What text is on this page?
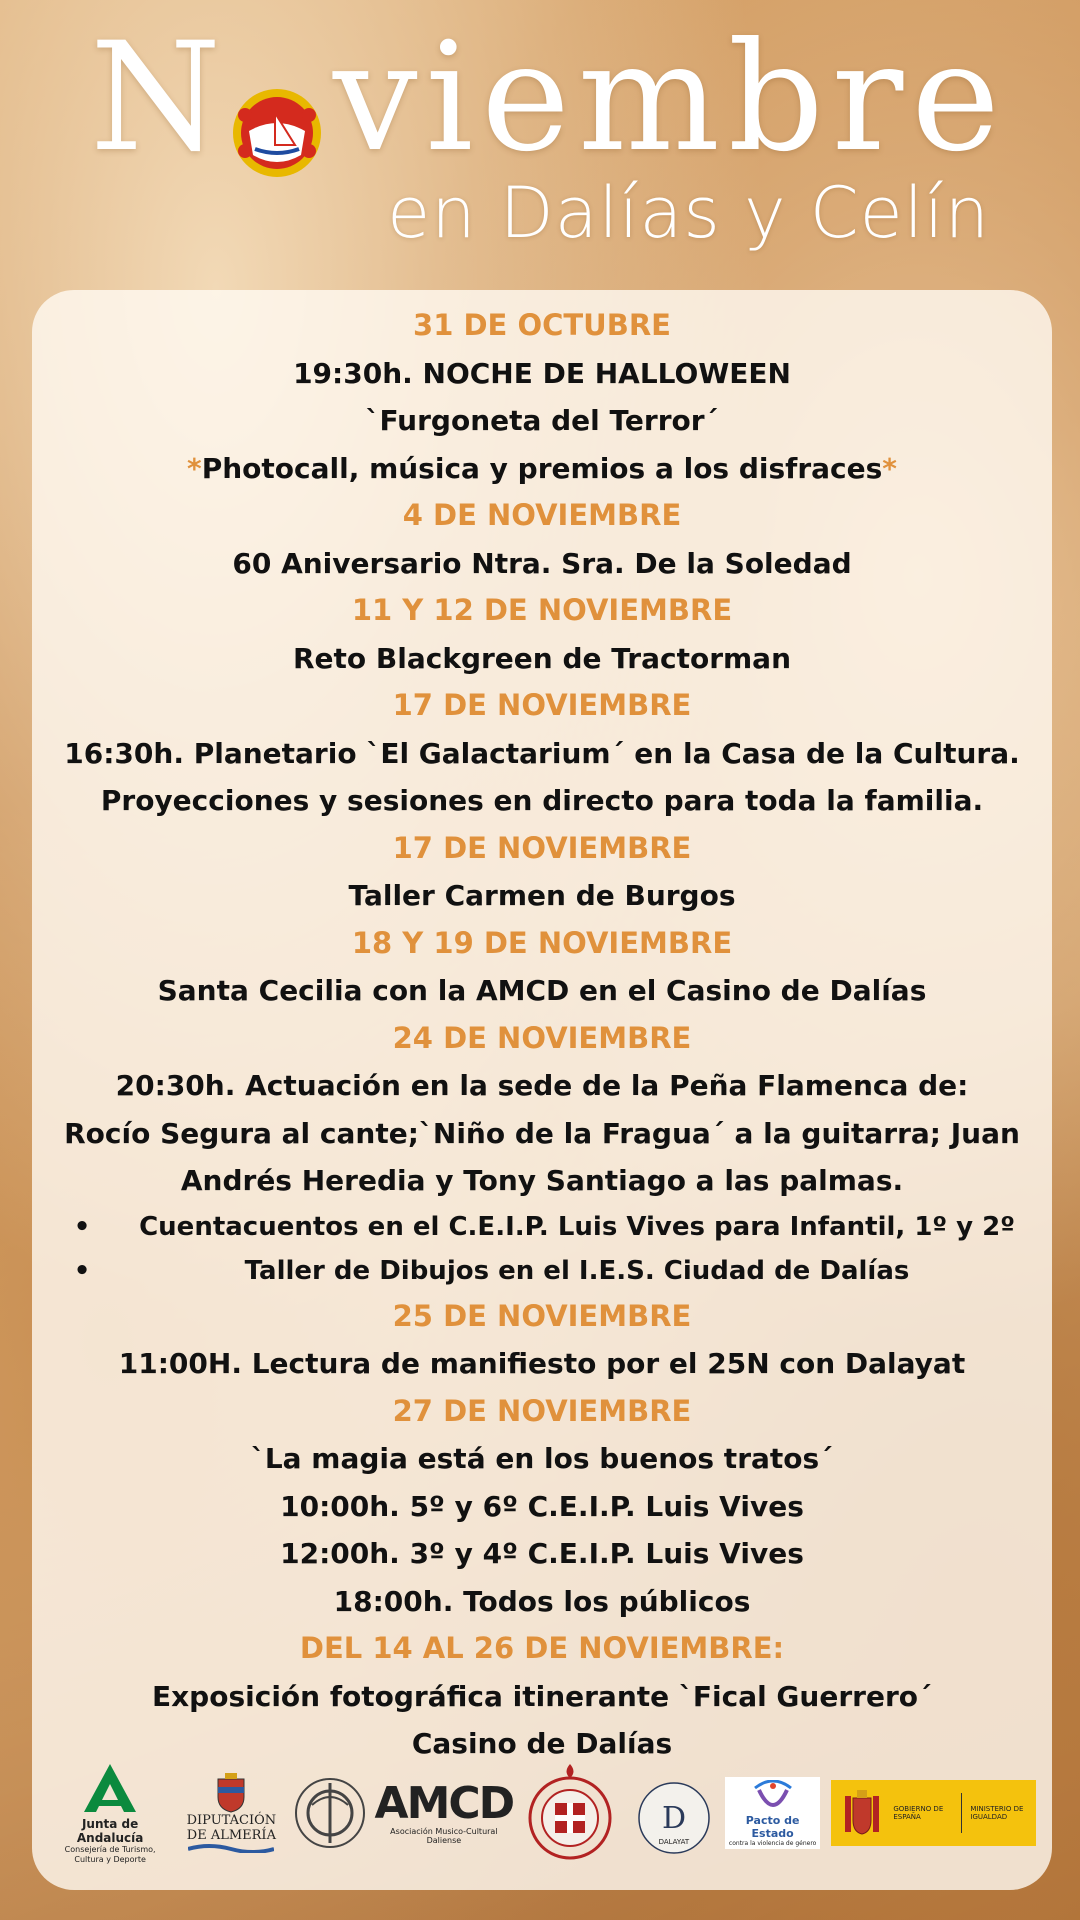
N v i e m b r e
en Dalías y Celín
31 DE OCTUBRE
19:30h. NOCHE DE HALLOWEEN
`Furgoneta del Terror´
*Photocall, música y premios a los disfraces*
4 DE NOVIEMBRE
60 Aniversario Ntra. Sra. De la Soledad
11 Y 12 DE NOVIEMBRE
Reto Blackgreen de Tractorman
17 DE NOVIEMBRE
16:30h. Planetario `El Galactarium´ en la Casa de la Cultura.
Proyecciones y sesiones en directo para toda la familia.
17 DE NOVIEMBRE
Taller Carmen de Burgos
18 Y 19 DE NOVIEMBRE
Santa Cecilia con la AMCD en el Casino de Dalías
24 DE NOVIEMBRE
20:30h. Actuación en la sede de la Peña Flamenca de:
Rocío Segura al cante;`Niño de la Fragua´ a la guitarra; Juan
Andrés Heredia y Tony Santiago a las palmas.
•	Cuentacuentos en el C.E.I.P. Luis Vives para Infantil, 1º y 2º
•	Taller de Dibujos en el I.E.S. Ciudad de Dalías
25 DE NOVIEMBRE
11:00H. Lectura de manifiesto por el 25N con Dalayat
27 DE NOVIEMBRE
`La magia está en los buenos tratos´
10:00h. 5º y 6º C.E.I.P. Luis Vives
12:00h. 3º y 4º C.E.I.P. Luis Vives
18:00h. Todos los públicos
DEL 14 AL 26 DE NOVIEMBRE:
Exposición fotográfica itinerante `Fical Guerrero´
Casino de Dalías
Junta de Andalucía
Consejería de Turismo, Cultura y Deporte
DIPUTACIÓN
DE ALMERÍA
AMCD
Asociación Musico-Cultural Daliense
D
DALAYAT
Pacto de Estado
contra la violencia de género
GOBIERNO DE ESPAÑA
MINISTERIO DE IGUALDAD
